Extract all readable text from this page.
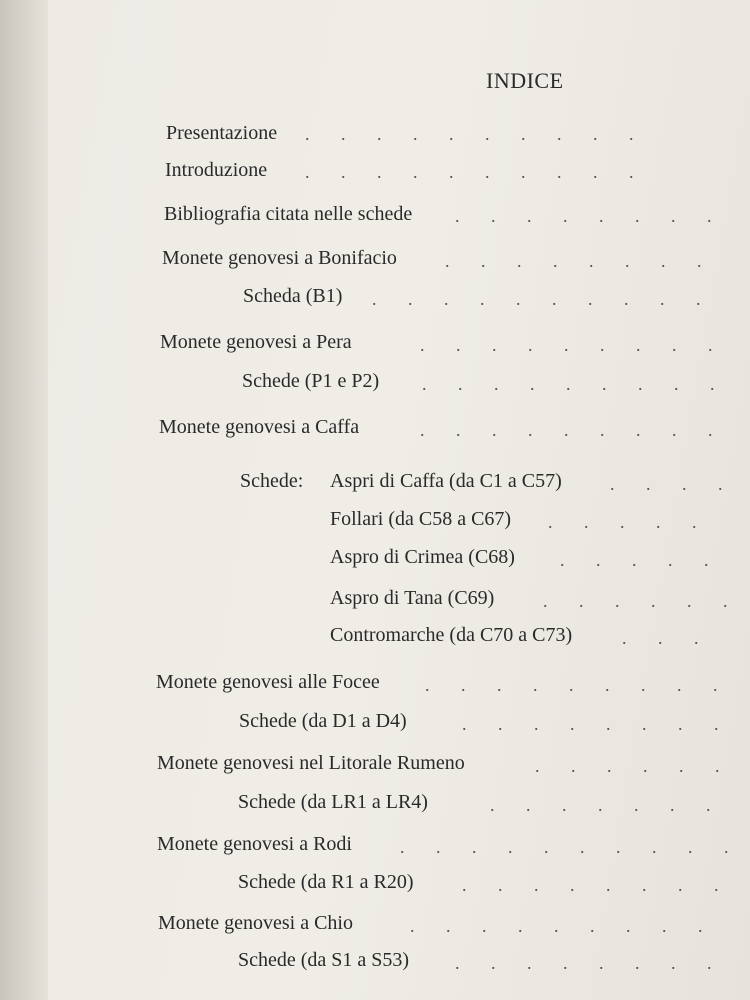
INDICE
Presentazione
.
Introduzione
.
Bibliografia citata nelle schede
.
Monete genovesi a Bonifacio
.
Scheda (B1)
.
Monete genovesi a Pera
.
Schede (P1 e P2)
.
Monete genovesi a Caffa
.
Schede: Aspri di Caffa (da C1 a C57)
.
Follari (da C58 a C67)
.
Aspro di Crimea (C68)
.
Aspro di Tana (C69)
.
Contromarche (da C70 a C73)
.
Monete genovesi alle Focee
.
Schede (da D1 a D4)
.
Monete genovesi nel Litorale Rumeno
.
Schede (da LR1 a LR4)
.
Monete genovesi a Rodi
.
Schede (da R1 a R20)
.
Monete genovesi a Chio
.
Schede (da S1 a S53)
.
